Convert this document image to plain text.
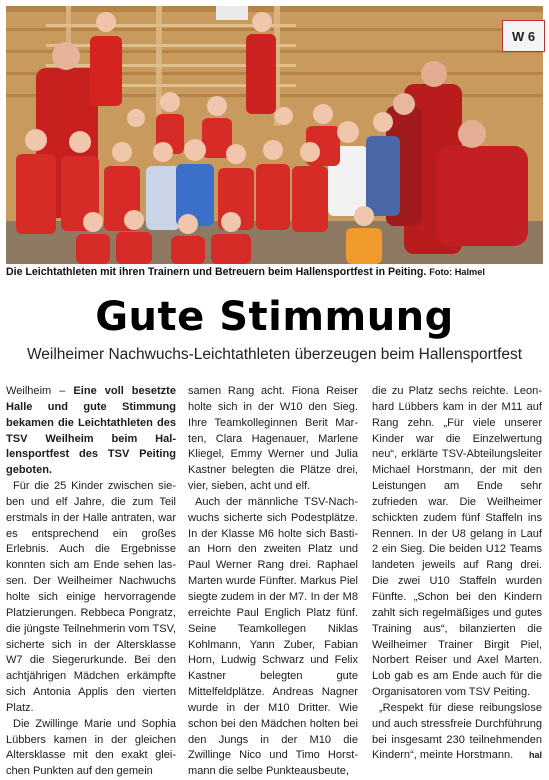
W 6
Die Leichtathleten mit ihren Trainern und Betreuern beim Hallensportfest in Peiting. Foto: Halmel
Gute Stimmung
Weilheimer Nachwuchs-Leichtathleten überzeugen beim Hallensportfest

Weilheim – Eine voll besetzte Halle und gute Stimmung bekamen die Leichtathleten des TSV Weilheim beim Hallensportfest des TSV Peiting geboten.

Für die 25 Kinder zwischen sieben und elf Jahre, die zum Teil erstmals in der Halle antraten, war es entsprechend ein großes Erlebnis. Auch die Ergebnisse konnten sich am Ende sehen lassen. Der Weilheimer Nachwuchs holte sich einige hervorragende Platzierungen. Rebbeca Pongratz, die jüngste Teilnehmerin vom TSV, sicherte sich in der Altersklasse W7 die Siegerurkunde. Bei den achtjährigen Mädchen erkämpfte sich Antonia Applis den vierten Platz.

Die Zwillinge Marie und Sophia Lübbers kamen in der gleichen Altersklasse mit den exakt gleichen Punkten auf den gemein

samen Rang acht. Fiona Reiser holte sich in der W10 den Sieg. Ihre Teamkolleginnen Berit Marten, Clara Hagenauer, Marlene Kliegel, Emmy Werner und Julia Kastner belegten die Plätze drei, vier, sieben, acht und elf.

Auch der männliche TSV-Nachwuchs sicherte sich Podestplätze. In der Klasse M6 holte sich Bastian Horn den zweiten Platz und Paul Werner Rang drei. Raphael Marten wurde Fünfter. Markus Piel siegte zudem in der M7. In der M8 erreichte Paul Englich Platz fünf. Seine Teamkollegen Niklas Kohlmann, Yann Zuber, Fabian Horn, Ludwig Schwarz und Felix Kastner belegten gute Mittelfeldplätze. Andreas Nagner wurde in der M10 Dritter. Wie schon bei den Mädchen holten bei den Jungs in der M10 die Zwillinge Nico und Timo Horstmann die selbe Punkteausbeute,

die zu Platz sechs reichte. Leonhard Lübbers kam in der M11 auf Rang zehn. „Für viele unserer Kinder war die Einzelwertung neu“, erklärte TSV-Abteilungsleiter Michael Horstmann, der mit den Leistungen am Ende sehr zufrieden war. Die Weilheimer schickten zudem fünf Staffeln ins Rennen. In der U8 gelang in Lauf 2 ein Sieg. Die beiden U12 Teams landeten jeweils auf Rang drei. Die zwei U10 Staffeln wurden Fünfte. „Schon bei den Kindern zahlt sich regelmäßiges und gutes Training aus“, bilanzierten die Weilheimer Trainer Birgit Piel, Norbert Reiser und Axel Marten. Lob gab es am Ende auch für die Organisatoren vom TSV Peiting.

„Respekt für diese reibungslose und auch stressfreie Durchführung bei insgesamt 230 teilnehmenden Kindern“, meinte Horstmann. hal
